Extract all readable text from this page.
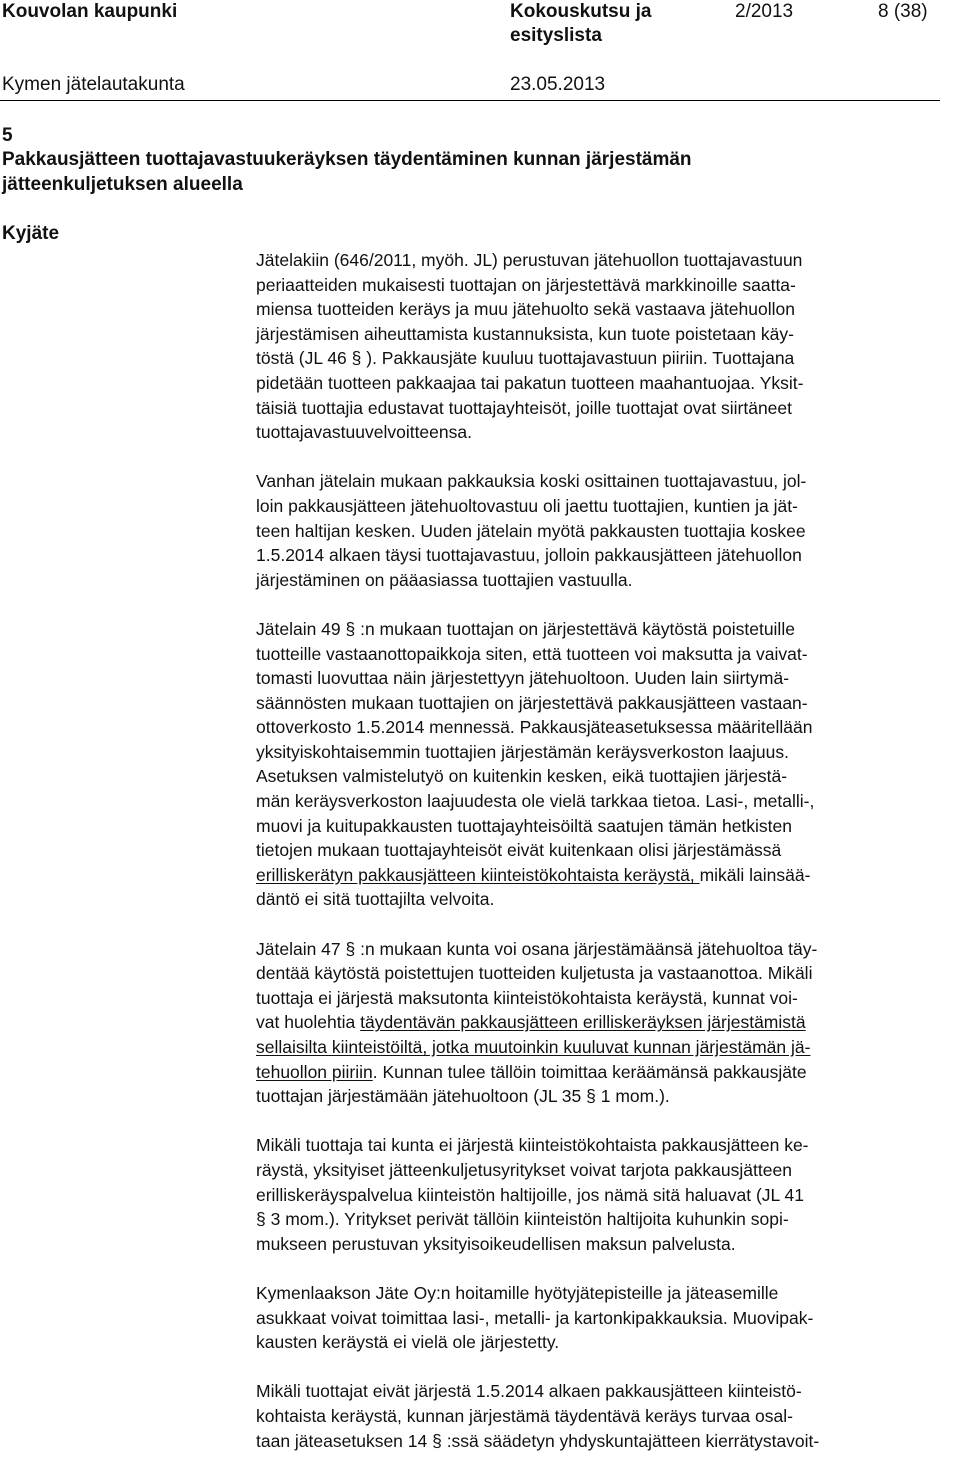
Kouvolan kaupunki	Kokouskutsu ja
esityslista
2/2013	8 (38)
Kymen jätelautakunta	23.05.2013
5
Pakkausjätteen tuottajavastuukeräyksen täydentäminen kunnan järjestämän
jätteenkuljetuksen alueella
Kyjäte

Jätelakiin (646/2011, myöh. JL) perustuvan jätehuollon tuottajavastuun
periaatteiden mukaisesti tuottajan on järjestettävä markkinoille saatta-
miensa tuotteiden keräys ja muu jätehuolto sekä vastaava jätehuollon
järjestämisen aiheuttamista kustannuksista, kun tuote poistetaan käy-
töstä (JL 46 § ). Pakkausjäte kuuluu tuottajavastuun piiriin. Tuottajana
pidetään tuotteen pakkaajaa tai pakatun tuotteen maahantuojaa. Yksit-
täisiä tuottajia edustavat tuottajayhteisöt, joille tuottajat ovat siirtäneet
tuottajavastuuvelvoitteensa.

Vanhan jätelain mukaan pakkauksia koski osittainen tuottajavastuu, jol-
loin pakkausjätteen jätehuoltovastuu oli jaettu tuottajien, kuntien ja jät-
teen haltijan kesken. Uuden jätelain myötä pakkausten tuottajia koskee
1.5.2014 alkaen täysi tuottajavastuu, jolloin pakkausjätteen jätehuollon
järjestäminen on pääasiassa tuottajien vastuulla.

Jätelain 49 § :n mukaan tuottajan on järjestettävä käytöstä poistetuille
tuotteille vastaanottopaikkoja siten, että tuotteen voi maksutta ja vaivat-
tomasti luovuttaa näin järjestettyyn jätehuoltoon. Uuden lain siirtymä-
säännösten mukaan tuottajien on järjestettävä pakkausjätteen vastaan-
ottoverkosto 1.5.2014 mennessä. Pakkausjäteasetuksessa määritellään
yksityiskohtaisemmin tuottajien järjestämän keräysverkoston laajuus.
Asetuksen valmistelutyö on kuitenkin kesken, eikä tuottajien järjestä-
män keräysverkoston laajuudesta ole vielä tarkkaa tietoa. Lasi-, metalli-,
muovi ja kuitupakkausten tuottajayhteisöiltä saatujen tämän hetkisten
tietojen mukaan tuottajayhteisöt eivät kuitenkaan olisi järjestämässä
erilliskerätyn pakkausjätteen kiinteistökohtaista keräystä, mikäli lainsää-
däntö ei sitä tuottajilta velvoita.

Jätelain 47 § :n mukaan kunta voi osana järjestämäänsä jätehuoltoa täy-
dentää käytöstä poistettujen tuotteiden kuljetusta ja vastaanottoa. Mikäli
tuottaja ei järjestä maksutonta kiinteistökohtaista keräystä, kunnat voi-
vat huolehtia täydentävän pakkausjätteen erilliskeräyksen järjestämistä
sellaisilta kiinteistöiltä, jotka muutoinkin kuuluvat kunnan järjestämän jä-
tehuollon piiriin. Kunnan tulee tällöin toimittaa keräämänsä pakkausjäte
tuottajan järjestämään jätehuoltoon (JL 35 § 1 mom.).

Mikäli tuottaja tai kunta ei järjestä kiinteistökohtaista pakkausjätteen ke-
räystä, yksityiset jätteenkuljetusyritykset voivat tarjota pakkausjätteen
erilliskeräyspalvelua kiinteistön haltijoille, jos nämä sitä haluavat (JL 41
§ 3 mom.). Yritykset perivät tällöin kiinteistön haltijoita kuhunkin sopi-
mukseen perustuvan yksityisoikeudellisen maksun palvelusta.

Kymenlaakson Jäte Oy:n hoitamille hyötyjätepisteille ja jäteasemille
asukkaat voivat toimittaa lasi-, metalli- ja kartonkipakkauksia. Muovipak-
kausten keräystä ei vielä ole järjestetty.

Mikäli tuottajat eivät järjestä 1.5.2014 alkaen pakkausjätteen kiinteistö-
kohtaista keräystä, kunnan järjestämä täydentävä keräys turvaa osal-
taan jäteasetuksen 14 § :ssä säädetyn yhdyskuntajätteen kierrätystavoit-
